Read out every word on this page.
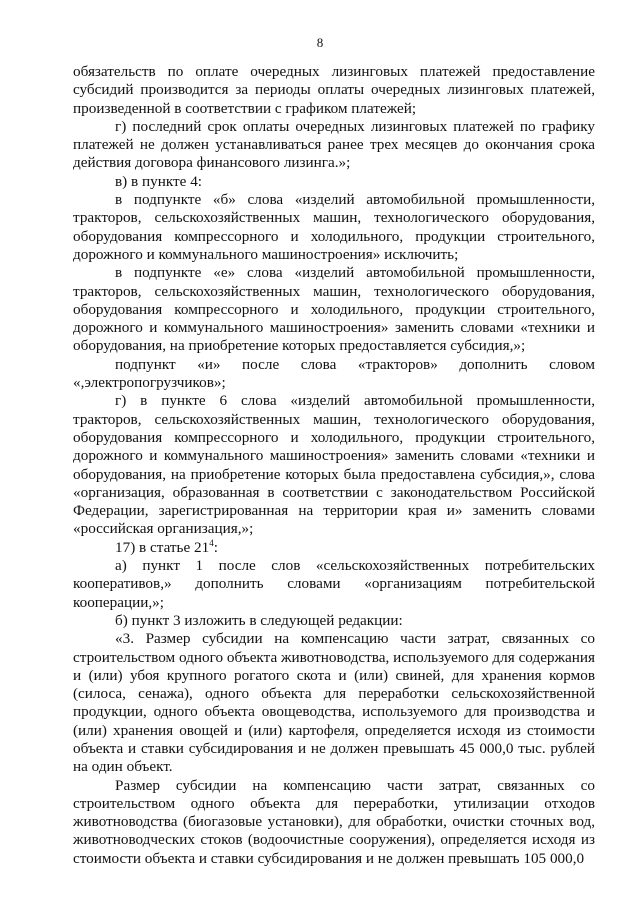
8

обязательств по оплате очередных лизинговых платежей предоставление субсидий производится за периоды оплаты очередных лизинговых платежей, произведенной в соответствии с графиком платежей;

г) последний срок оплаты очередных лизинговых платежей по графику платежей не должен устанавливаться ранее трех месяцев до окончания срока действия договора финансового лизинга.»;

в) в пункте 4:

в подпункте «б» слова «изделий автомобильной промышленности, тракторов, сельскохозяйственных машин, технологического оборудования, оборудования компрессорного и холодильного, продукции строительного, дорожного и коммунального машиностроения» исключить;

в подпункте «е» слова «изделий автомобильной промышленности, тракторов, сельскохозяйственных машин, технологического оборудования, оборудования компрессорного и холодильного, продукции строительного, дорожного и коммунального машиностроения» заменить словами «техники и оборудования, на приобретение которых предоставляется субсидия,»;

подпункт «и» после слова «тракторов» дополнить словом «,электропогрузчиков»;

г) в пункте 6 слова «изделий автомобильной промышленности, тракторов, сельскохозяйственных машин, технологического оборудования, оборудования компрессорного и холодильного, продукции строительного, дорожного и коммунального машиностроения» заменить словами «техники и оборудования, на приобретение которых была предоставлена субсидия,», слова «организация, образованная в соответствии с законодательством Российской Федерации, зарегистрированная на территории края и» заменить словами «российская организация,»;

17) в статье $21^4$:

а) пункт 1 после слов «сельскохозяйственных потребительских кооперативов,» дополнить словами «организациям потребительской кооперации,»;

б) пункт 3 изложить в следующей редакции:

«3. Размер субсидии на компенсацию части затрат, связанных со строительством одного объекта животноводства, используемого для содержания и (или) убоя крупного рогатого скота и (или) свиней, для хранения кормов (силоса, сенажа), одного объекта для переработки сельскохозяйственной продукции, одного объекта овощеводства, используемого для производства и (или) хранения овощей и (или) картофеля, определяется исходя из стоимости объекта и ставки субсидирования и не должен превышать 45 000,0 тыс. рублей на один объект.

Размер субсидии на компенсацию части затрат, связанных со строительством одного объекта для переработки, утилизации отходов животноводства (биогазовые установки), для обработки, очистки сточных вод, животноводческих стоков (водоочистные сооружения), определяется исходя из стоимости объекта и ставки субсидирования и не должен превышать 105 000,0
